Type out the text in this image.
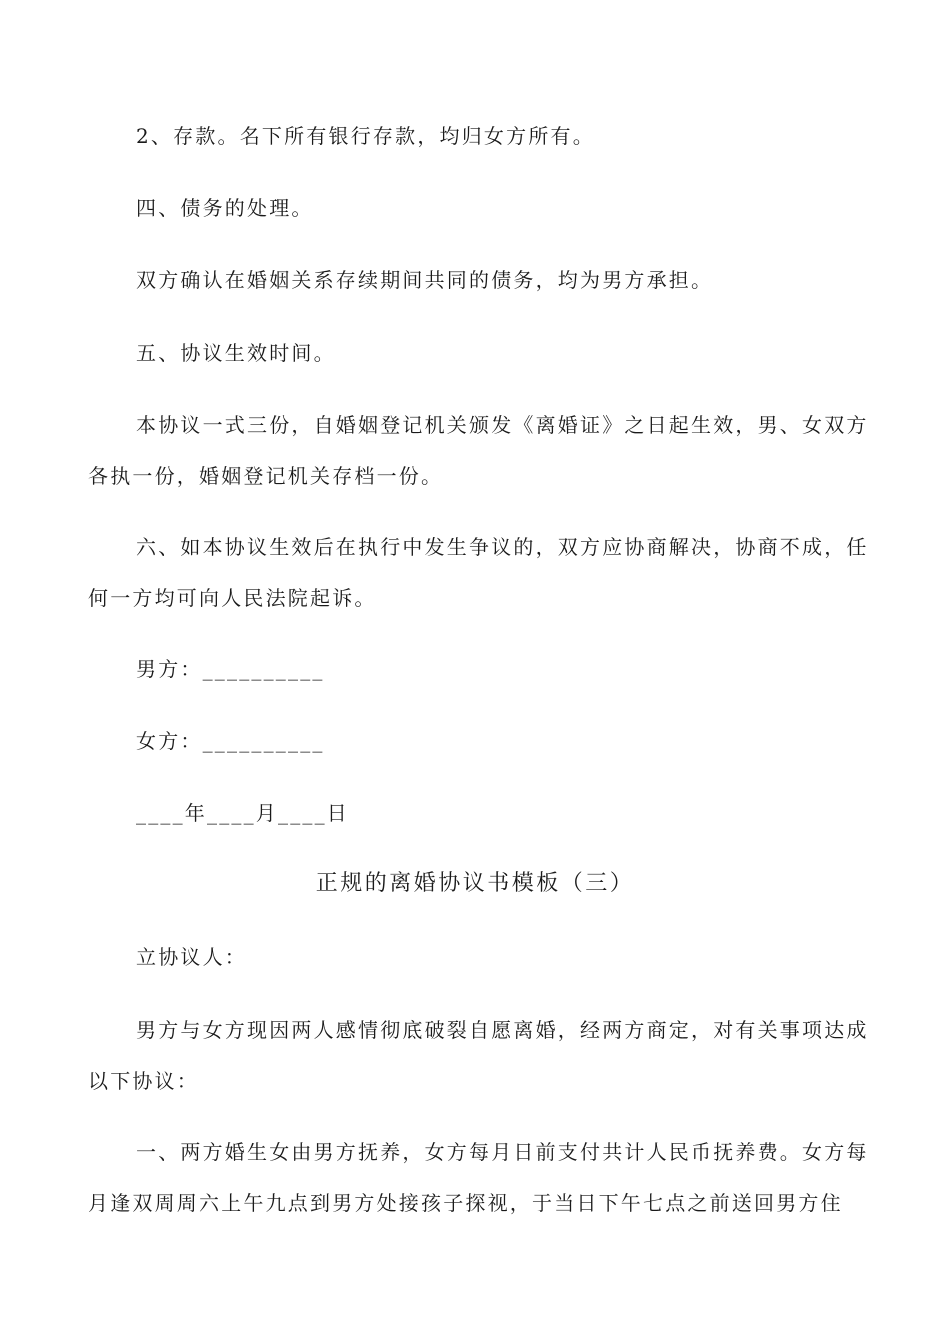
2、存款。名下所有银行存款，均归女方所有。
四、债务的处理。
双方确认在婚姻关系存续期间共同的债务，均为男方承担。
五、协议生效时间。
本协议一式三份，自婚姻登记机关颁发《离婚证》之日起生效，男、女双方
各执一份，婚姻登记机关存档一份。
六、如本协议生效后在执行中发生争议的，双方应协商解决，协商不成，任
何一方均可向人民法院起诉。
男方：__________
女方：__________
____年____月____日
正规的离婚协议书模板（三）
立协议人：
男方与女方现因两人感情彻底破裂自愿离婚，经两方商定，对有关事项达成
以下协议：
一、两方婚生女由男方抚养，女方每月日前支付共计人民币抚养费。女方每
月逢双周周六上午九点到男方处接孩子探视，于当日下午七点之前送回男方住
